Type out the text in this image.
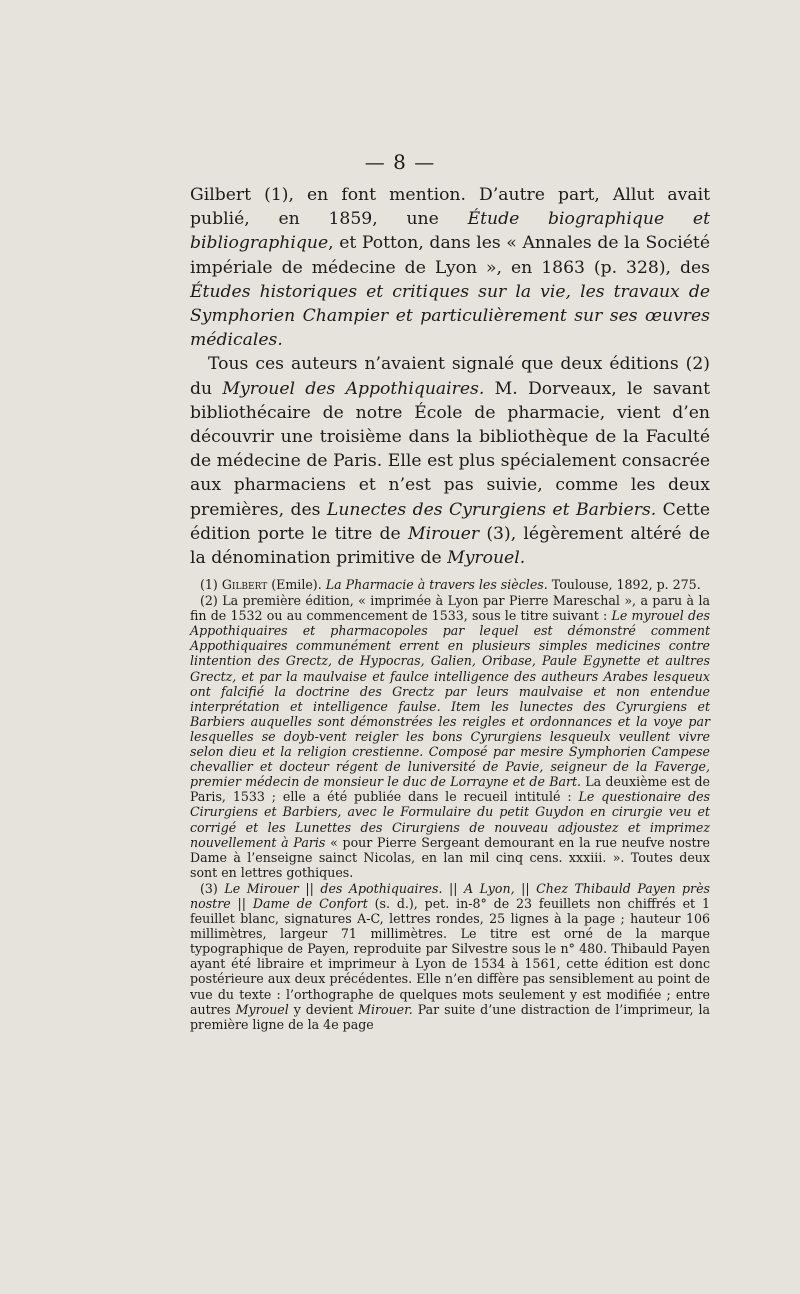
— 8 —

Gilbert (1), en font mention. D’autre part, Allut avait publié, en 1859, une Étude biographique et bibliographique, et Potton, dans les « Annales de la Société impériale de médecine de Lyon », en 1863 (p. 328), des Études historiques et critiques sur la vie, les travaux de Symphorien Champier et particulièrement sur ses œuvres médicales.

Tous ces auteurs n’avaient signalé que deux éditions (2) du Myrouel des Appothiquaires. M. Dorveaux, le savant bibliothécaire de notre École de pharmacie, vient d’en découvrir une troisième dans la bibliothèque de la Faculté de médecine de Paris. Elle est plus spécialement consacrée aux pharmaciens et n’est pas suivie, comme les deux premières, des Lunectes des Cyrurgiens et Barbiers. Cette édition porte le titre de Mirouer (3), légèrement altéré de la dénomination primitive de Myrouel.

(1) Gilbert (Emile). La Pharmacie à travers les siècles. Toulouse, 1892, p. 275.

(2) La première édition, « imprimée à Lyon par Pierre Mareschal », a paru à la fin de 1532 ou au commencement de 1533, sous le titre suivant : Le myrouel des Appothiquaires et pharmacopoles par lequel est démonstré comment Appothiquaires communément errent en plusieurs simples medicines contre lintention des Grectz, de Hypocras, Galien, Oribase, Paule Egynette et aultres Grectz, et par la maulvaise et faulce intelligence des autheurs Arabes lesqueux ont falcifié la doctrine des Grectz par leurs maulvaise et non entendue interprétation et intelligence faulse. Item les lunectes des Cyrurgiens et Barbiers auquelles sont démonstrées les reigles et ordonnances et la voye par lesquelles se doyb-vent reigler les bons Cyrurgiens lesqueulx veullent vivre selon dieu et la religion crestienne. Composé par mesire Symphorien Campese chevallier et docteur régent de luniversité de Pavie, seigneur de la Faverge, premier médecin de monsieur le duc de Lorrayne et de Bart. La deuxième est de Paris, 1533 ; elle a été publiée dans le recueil intitulé : Le questionaire des Cirurgiens et Barbiers, avec le Formulaire du petit Guydon en cirurgie veu et corrigé et les Lunettes des Cirurgiens de nouveau adjoustez et imprimez nouvellement à Paris « pour Pierre Sergeant demourant en la rue neufve nostre Dame à l’enseigne sainct Nicolas, en lan mil cinq cens. xxxiii. ». Toutes deux sont en lettres gothiques.

(3) Le Mirouer || des Apothiquaires. || A Lyon, || Chez Thibauld Payen près nostre || Dame de Confort (s. d.), pet. in-8° de 23 feuillets non chiffrés et 1 feuillet blanc, signatures A-C, lettres rondes, 25 lignes à la page ; hauteur 106 millimètres, largeur 71 millimètres. Le titre est orné de la marque typographique de Payen, reproduite par Silvestre sous le n° 480. Thibauld Payen ayant été libraire et imprimeur à Lyon de 1534 à 1561, cette édition est donc postérieure aux deux précédentes. Elle n’en diffère pas sensiblement au point de vue du texte : l’orthographe de quelques mots seulement y est modifiée ; entre autres Myrouel y devient Mirouer. Par suite d’une distraction de l’imprimeur, la première ligne de la 4e page
